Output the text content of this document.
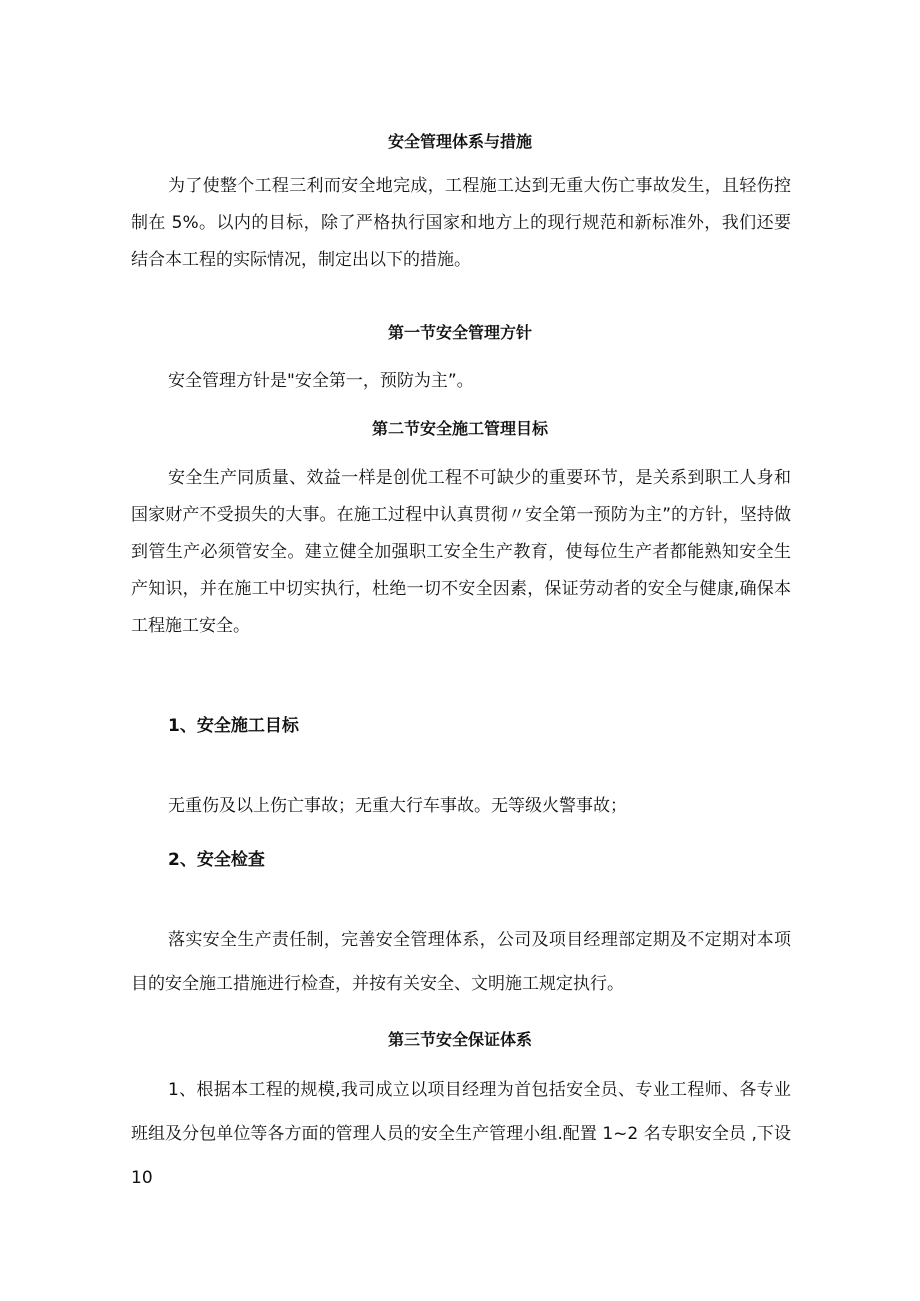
安全管理体系与措施

为了使整个工程三利而安全地完成，工程施工达到无重大伤亡事故发生，且轻伤控制在 5%。以内的目标，除了严格执行国家和地方上的现行规范和新标准外，我们还要结合本工程的实际情况，制定出以下的措施。

第一节安全管理方针

安全管理方针是"安全第一，预防为主”。

第二节安全施工管理目标

安全生产同质量、效益一样是创优工程不可缺少的重要环节，是关系到职工人身和国家财产不受损失的大事。在施工过程中认真贯彻〃安全第一预防为主”的方针，坚持做到管生产必须管安全。建立健全加强职工安全生产教育，使每位生产者都能熟知安全生产知识，并在施工中切实执行，杜绝一切不安全因素，保证劳动者的安全与健康,确保本工程施工安全。

1、安全施工目标

无重伤及以上伤亡事故；无重大行车事故。无等级火警事故；

2、安全检查

落实安全生产责任制，完善安全管理体系，公司及项目经理部定期及不定期对本项目的安全施工措施进行检查，并按有关安全、文明施工规定执行。

第三节安全保证体系

1、根据本工程的规模,我司成立以项目经理为首包括安全员、专业工程师、各专业班组及分包单位等各方面的管理人员的安全生产管理小组.配置 1~2 名专职安全员 ,下设 10
